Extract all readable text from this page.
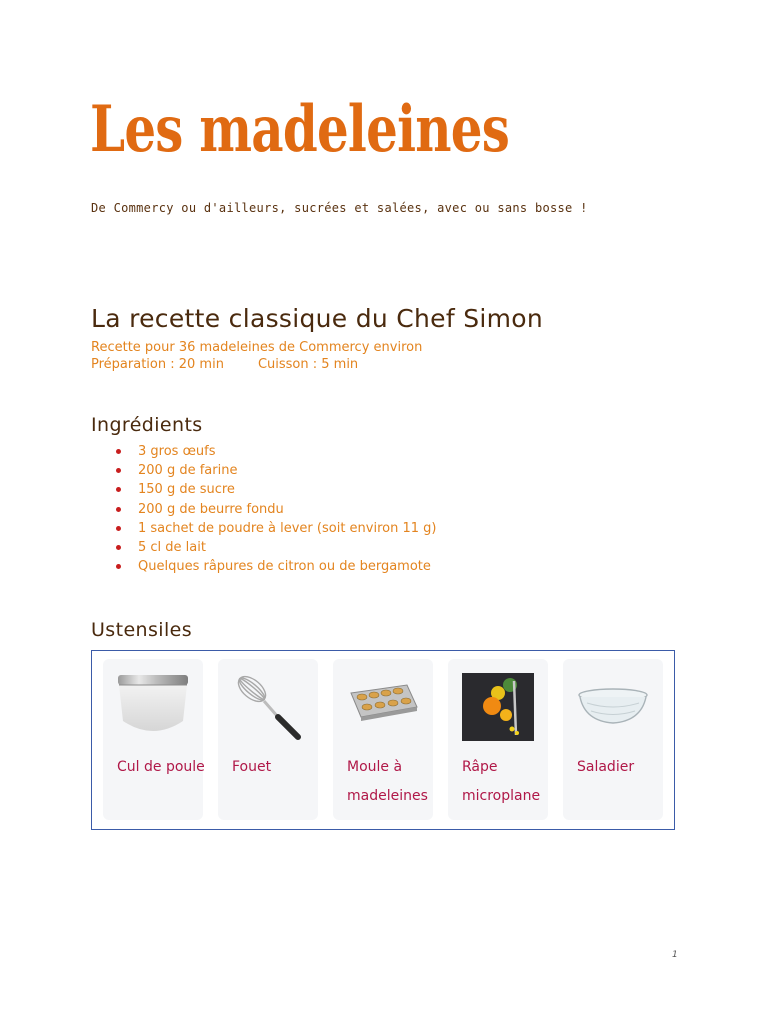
Les madeleines

De Commercy ou d'ailleurs, sucrées et salées, avec ou sans bosse !

La recette classique du Chef Simon

Recette pour 36 madeleines de Commercy environ

Préparation : 20 min	Cuisson : 5 min

Ingrédients
3 gros œufs
200 g de farine
150 g de sucre
200 g de beurre fondu
1 sachet de poudre à lever (soit environ 11 g)
5 cl de lait
Quelques râpures de citron ou de bergamote
Ustensiles
Cul de poule	Fouet	Moule à madeleines
Râpe microplane
Saladier
1
